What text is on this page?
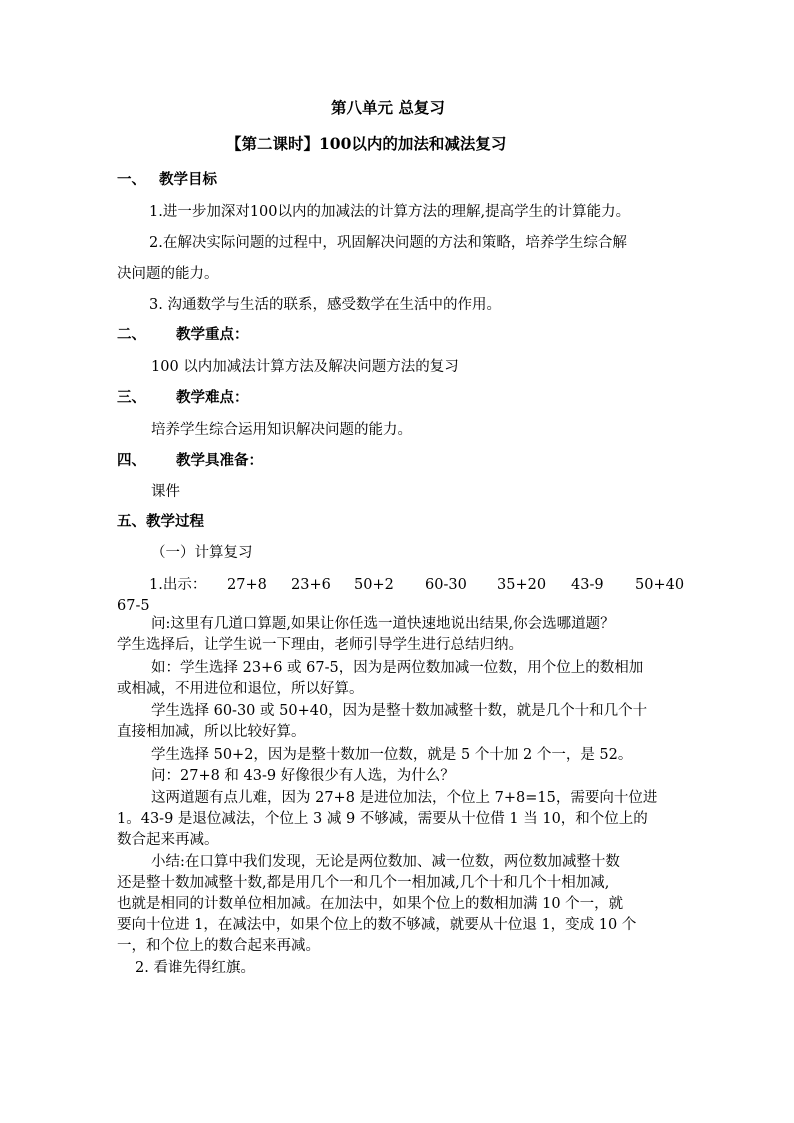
第八单元 总复习
【第二课时】100以内的加法和减法复习
一、 教学目标
1.进一步加深对100以内的加减法的计算方法的理解,提高学生的计算能力。
2.在解决实际问题的过程中，巩固解决问题的方法和策略，培养学生综合解
决问题的能力。
3. 沟通数学与生活的联系，感受数学在生活中的作用。
二、 教学重点：
100 以内加减法计算方法及解决问题方法的复习
三、 教学难点：
培养学生综合运用知识解决问题的能力。
四、 教学具准备：
课件
五、教学过程
（一）计算复习
1.出示： 27+8 23+6 50+2 60-30 35+20 43-9 50+40
67-5
问:这里有几道口算题,如果让你任选一道快速地说出结果,你会选哪道题？
学生选择后，让学生说一下理由，老师引导学生进行总结归纳。
如：学生选择 23+6 或 67-5，因为是两位数加减一位数，用个位上的数相加
或相减，不用进位和退位，所以好算。
学生选择 60-30 或 50+40，因为是整十数加减整十数，就是几个十和几个十
直接相加减，所以比较好算。
学生选择 50+2，因为是整十数加一位数，就是 5 个十加 2 个一，是 52。
问：27+8 和 43-9 好像很少有人选，为什么？
这两道题有点儿难，因为 27+8 是进位加法，个位上 7+8=15，需要向十位进
1。43-9 是退位减法，个位上 3 减 9 不够减，需要从十位借 1 当 10，和个位上的
数合起来再减。
小结:在口算中我们发现，无论是两位数加、减一位数，两位数加减整十数
还是整十数加减整十数,都是用几个一和几个一相加减,几个十和几个十相加减,
也就是相同的计数单位相加减。在加法中，如果个位上的数相加满 10 个一，就
要向十位进 1，在减法中，如果个位上的数不够减，就要从十位退 1，变成 10 个
一，和个位上的数合起来再减。
2. 看谁先得红旗。
